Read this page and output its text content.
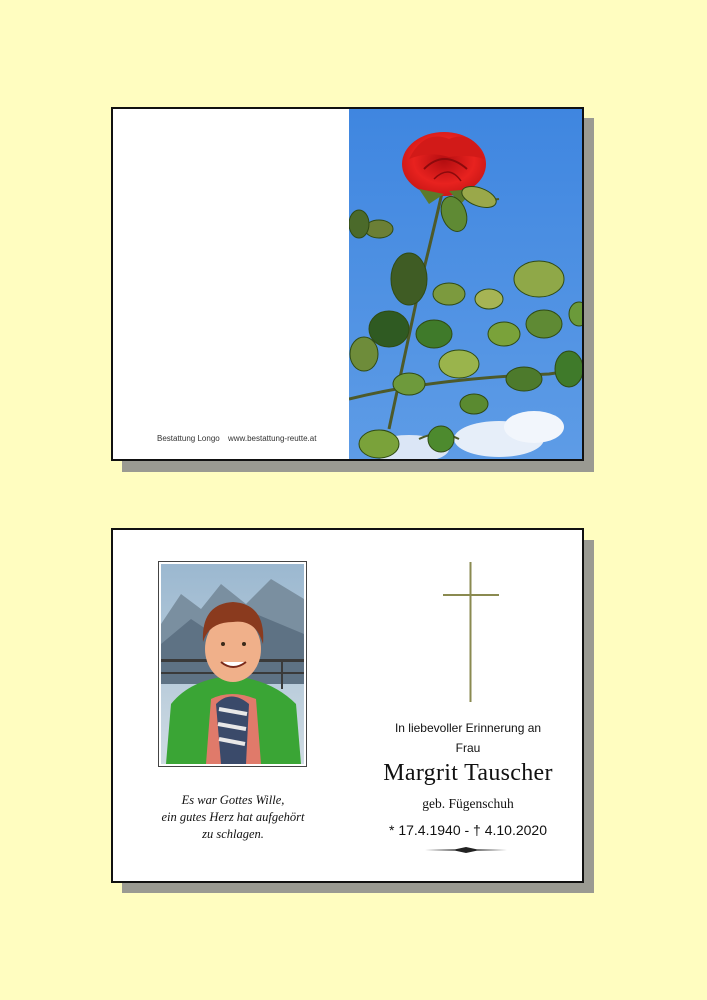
Bestattung Longo www.bestattung-reutte.at
Es war Gottes Wille,
ein gutes Herz hat aufgehört
zu schlagen.
In liebevoller Erinnerung an
Frau
Margrit Tauscher
geb. Fügenschuh
* 17.4.1940 - † 4.10.2020
